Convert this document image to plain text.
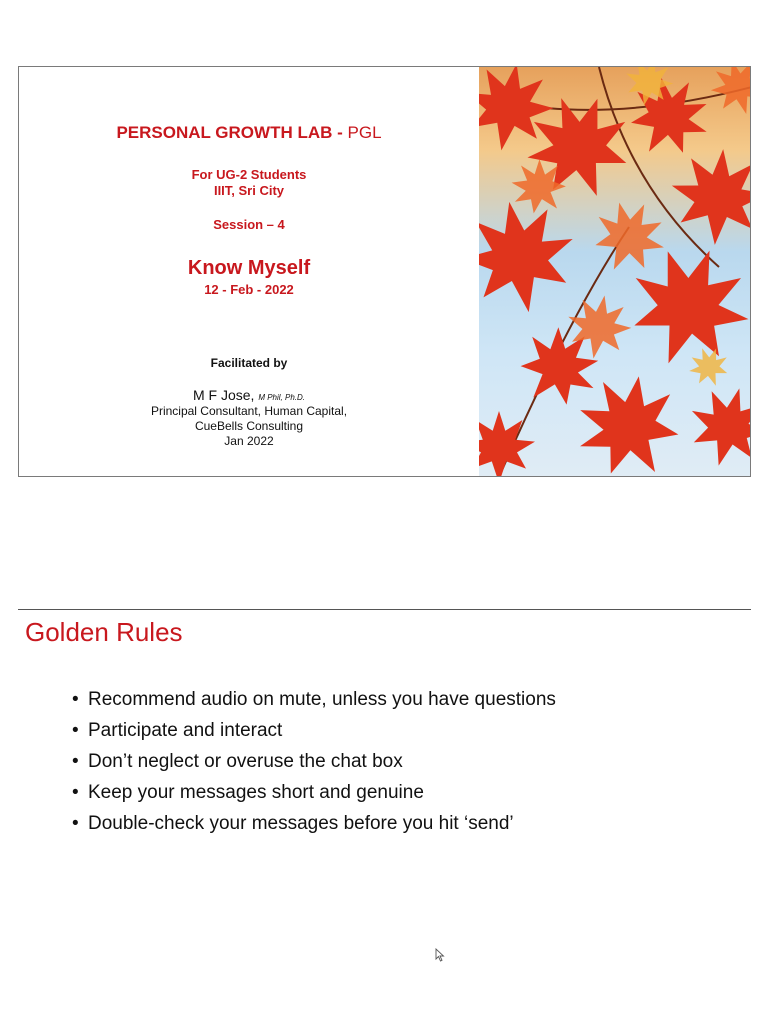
PERSONAL GROWTH LAB - PGL
For UG-2 Students
IIIT, Sri City
Session – 4
Know Myself
12 - Feb - 2022
Facilitated by
M F Jose, M Phil, Ph.D.
Principal Consultant, Human Capital,
CueBells Consulting
Jan 2022
Golden Rules
• Recommend audio on mute, unless you have questions
• Participate and interact
• Don’t neglect or overuse the chat box
• Keep your messages short and genuine
• Double-check your messages before you hit ‘send’
